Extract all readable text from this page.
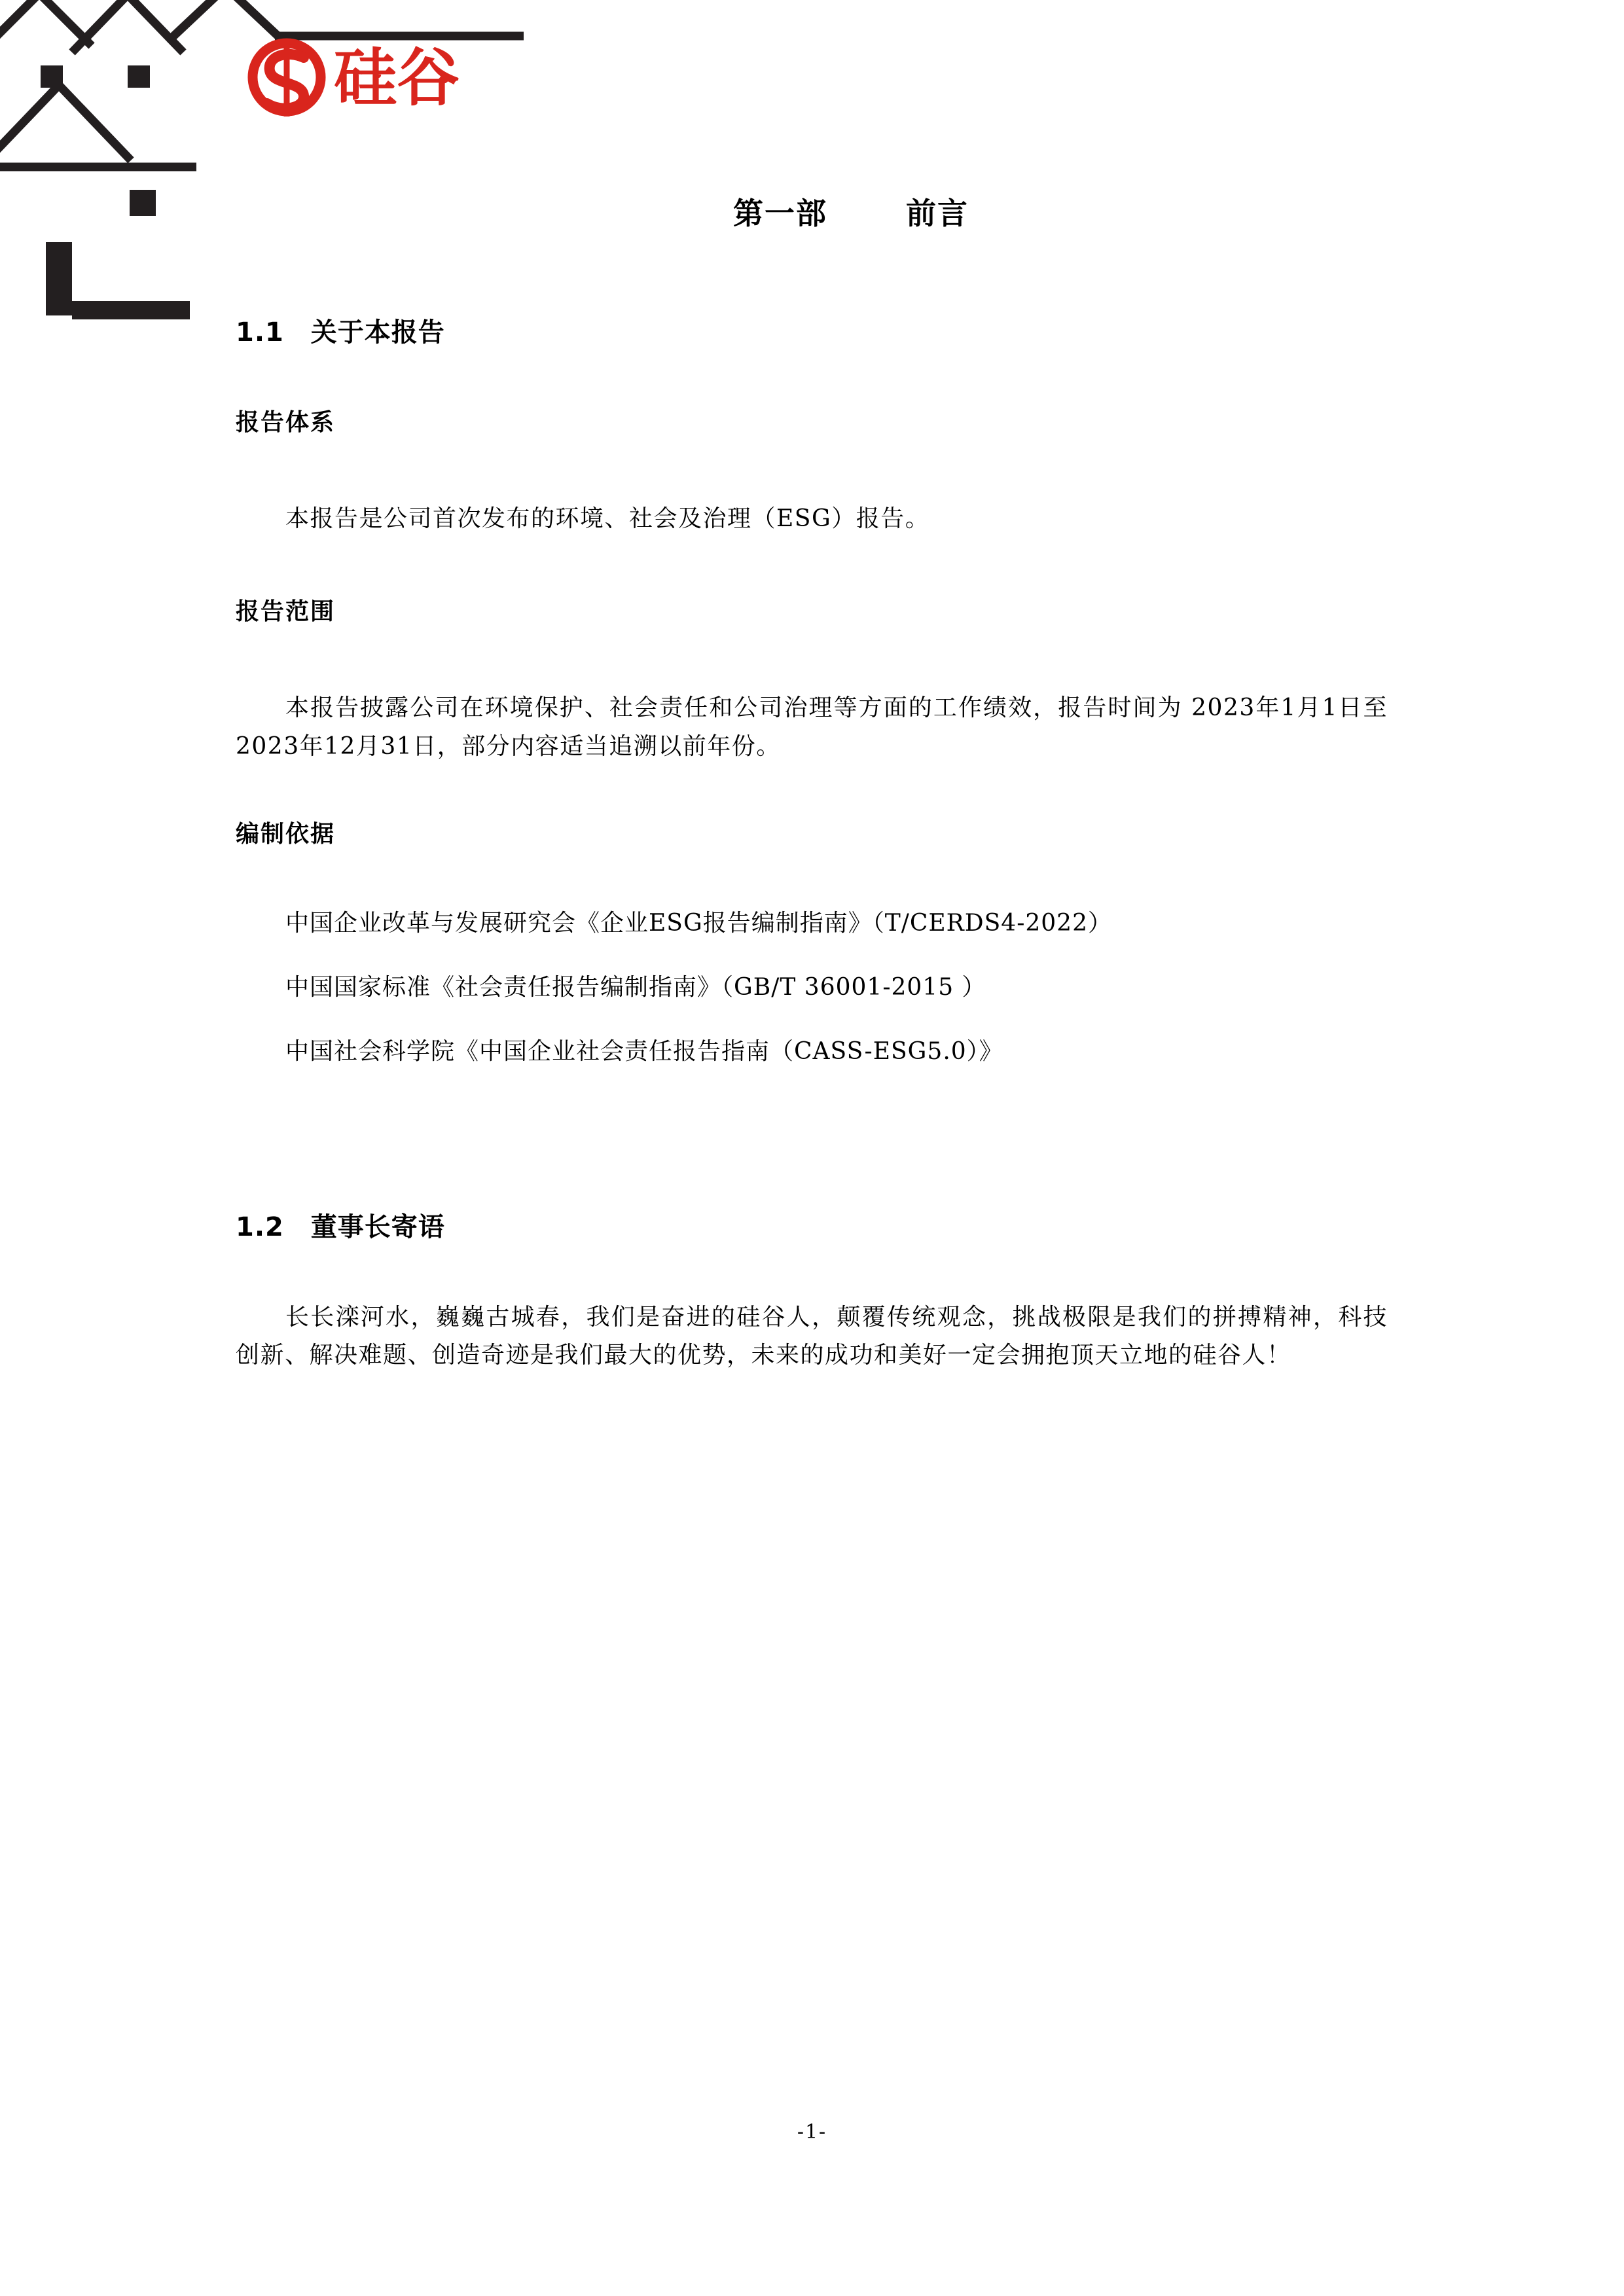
硅谷
第一部	前言
1.1 关于本报告
报告体系

本报告是公司首次发布的环境、社会及治理（ESG）报告。

报告范围

本报告披露公司在环境保护、社会责任和公司治理等方面的工作绩效，报告时间为 2023年1月1日至 2023年12月31日，部分内容适当追溯以前年份。

编制依据
中国企业改革与发展研究会《企业ESG报告编制指南》（T/CERDS4-2022）
中国国家标准《社会责任报告编制指南》（GB/T 36001-2015 ）
中国社会科学院《中国企业社会责任报告指南（CASS-ESG5.0）》
1.2 董事长寄语

长长滦河水，巍巍古城春，我们是奋进的硅谷人，颠覆传统观念，挑战极限是我们的拼搏精神，科技创新、解决难题、创造奇迹是我们最大的优势，未来的成功和美好一定会拥抱顶天立地的硅谷人！

-1-
